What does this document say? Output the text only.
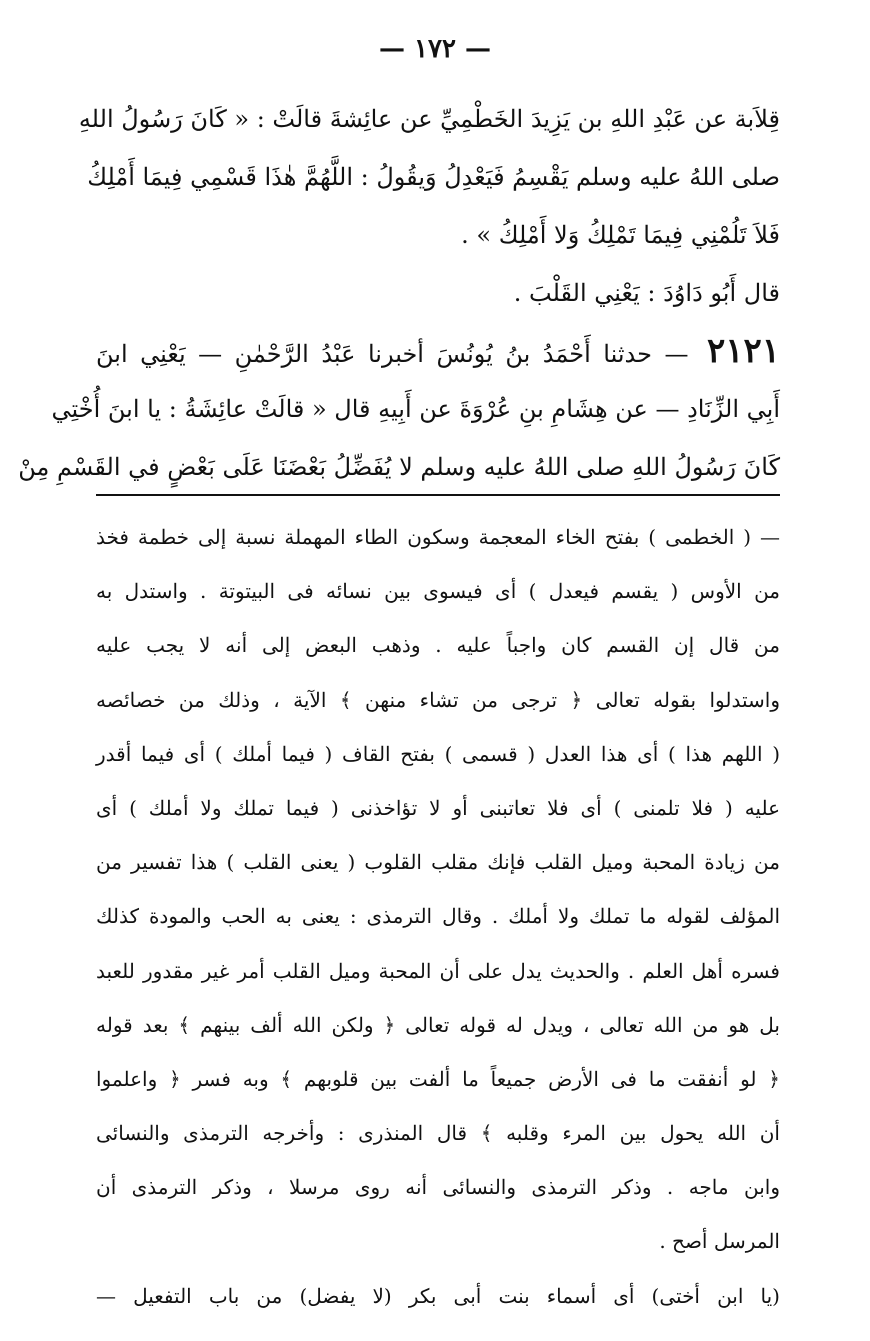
— ١٧٢ —
قِلاَبة عن عَبْدِ اللهِ بن يَزِيدَ الخَطْمِيِّ عن عائِشةَ قالَتْ : « كَانَ رَسُولُ اللهِ
صلى اللهُ عليه وسلم يَقْسِمُ فَيَعْدِلُ وَيقُولُ : اللَّهُمَّ هٰذَا قَسْمِي فِيمَا أَمْلِكُ
فَلاَ تَلُمْنِي فِيمَا تَمْلِكُ وَلا أَمْلِكُ » .
قال أَبُو دَاوُدَ : يَعْنِي القَلْبَ .
٢١٢١ — حدثنا أَحْمَدُ بنُ يُونُسَ أخبرنا عَبْدُ الرَّحْمٰنِ — يَعْنِي ابنَ
أَبِي الزِّنَادِ — عن هِشَامِ بنِ عُرْوَةَ عن أَبِيهِ قال « قالَتْ عائِشَةُ : يا ابنَ أُخْتِي
كَانَ رَسُولُ اللهِ صلى اللهُ عليه وسلم لا يُفَضِّلُ بَعْضَنَا عَلَى بَعْضٍ في القَسْمِ مِنْ
— ( الخطمى ) بفتح الخاء المعجمة وسكون الطاء المهملة نسبة إلى خطمة فخذ
من الأوس ( يقسم فيعدل ) أى فيسوى بين نسائه فى البيتوتة . واستدل به
من قال إن القسم كان واجباً عليه . وذهب البعض إلى أنه لا يجب عليه
واستدلوا بقوله تعالى ﴿ ترجى من تشاء منهن ﴾ الآية ، وذلك من خصائصه
( اللهم هذا ) أى هذا العدل ( قسمى ) بفتح القاف ( فيما أملك ) أى فيما أقدر
عليه ( فلا تلمنى ) أى فلا تعاتبنى أو لا تؤاخذنى ( فيما تملك ولا أملك ) أى
من زيادة المحبة وميل القلب فإنك مقلب القلوب ( يعنى القلب ) هذا تفسير من
المؤلف لقوله ما تملك ولا أملك . وقال الترمذى : يعنى به الحب والمودة كذلك
فسره أهل العلم . والحديث يدل على أن المحبة وميل القلب أمر غير مقدور للعبد
بل هو من الله تعالى ، ويدل له قوله تعالى ﴿ ولكن الله ألف بينهم ﴾ بعد قوله
﴿ لو أنفقت ما فى الأرض جميعاً ما ألفت بين قلوبهم ﴾ وبه فسر ﴿ واعلموا
أن الله يحول بين المرء وقلبه ﴾ قال المنذرى : وأخرجه الترمذى والنسائى
وابن ماجه . وذكر الترمذى والنسائى أنه روى مرسلا ، وذكر الترمذى أن
المرسل أصح .
(يا ابن أختى) أى أسماء بنت أبى بكر (لا يفضل) من باب التفعيل —
